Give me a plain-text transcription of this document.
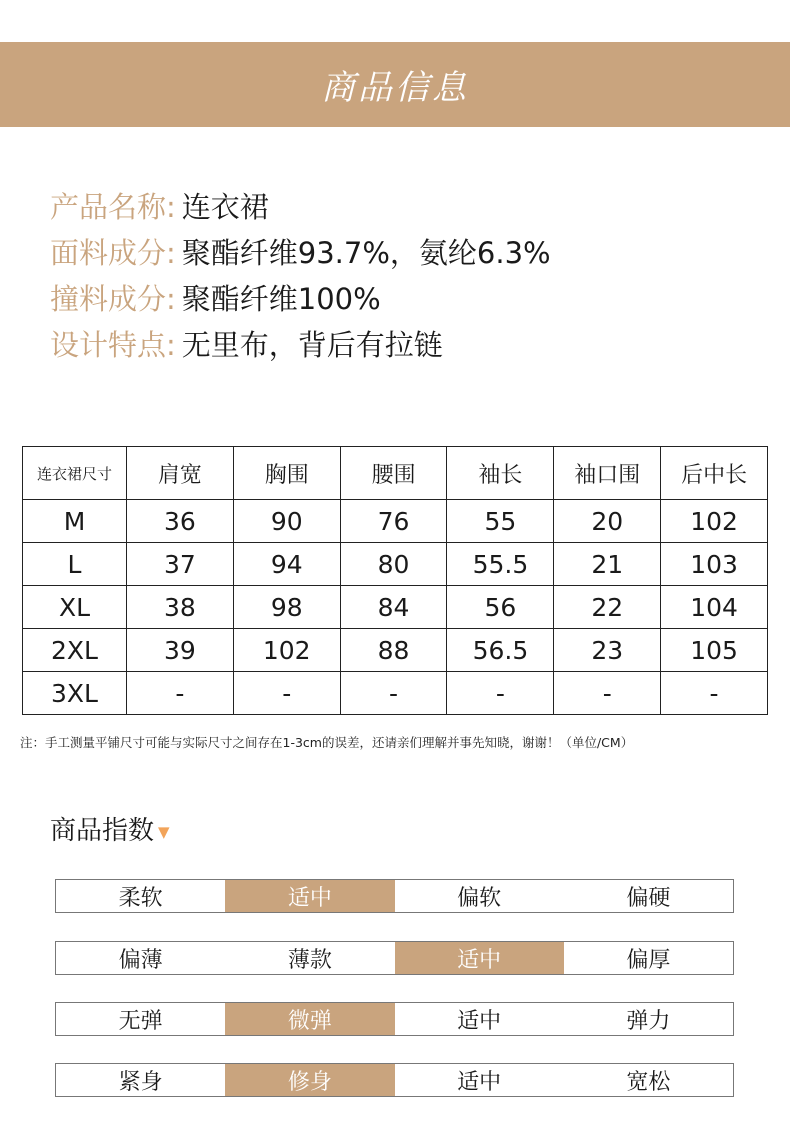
商品信息
产品名称: 连衣裙
面料成分: 聚酯纤维93.7%，氨纶6.3%
撞料成分: 聚酯纤维100%
设计特点: 无里布，背后有拉链
连衣裙尺寸	肩宽	胸围	腰围	袖长	袖口围	后中长
M	36	90	76	55	20	102
L	37	94	80	55.5	21	103
XL	38	98	84	56	22	104
2XL	39	102	88	56.5	23	105
3XL	-	-	-	-	-	-
注：手工测量平铺尺寸可能与实际尺寸之间存在1-3cm的误差，还请亲们理解并事先知晓，谢谢！（单位/CM）
商品指数 ▼
柔软	适中	偏软	偏硬
偏薄	薄款	适中	偏厚
无弹	微弹	适中	弹力
紧身	修身	适中	宽松
